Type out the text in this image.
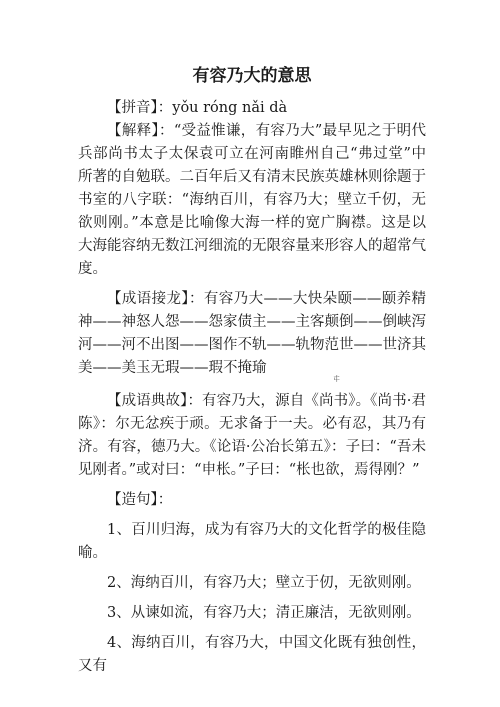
有容乃大的意思

【拼音】：yǒu róng nǎi dà

【解释】：“受益惟谦，有容乃大”最早见之于明代兵部尚书太子太保袁可立在河南睢州自己“弗过堂”中所著的自勉联。二百年后又有清末民族英雄林则徐题于书室的八字联：“海纳百川，有容乃大；壁立千仞，无欲则刚。”本意是比喻像大海一样的宽广胸襟。这是以大海能容纳无数江河细流的无限容量来形容人的超常气度。

【成语接龙】：有容乃大——大快朵颐——颐养精神——神怒人怨——怨家债主——主客颠倒——倒峡泻河——河不出图——图作不轨——轨物范世——世济其美——美玉无瑕——瑕不掩瑜

㐄

【成语典故】：有容乃大，源自《尚书》。《尚书·君陈》：尔无忿疾于顽。无求备于一夫。必有忍，其乃有济。有容，德乃大。《论语·公冶长第五》：子曰：“吾未见刚者。”或对曰：“申枨。”子曰：“枨也欲，焉得刚？”

【造句】：

1、百川归海，成为有容乃大的文化哲学的极佳隐喻。

2、海纳百川，有容乃大；壁立于仞，无欲则刚。

3、从谏如流，有容乃大；清正廉洁，无欲则刚。

4、海纳百川，有容乃大，中国文化既有独创性，又有
